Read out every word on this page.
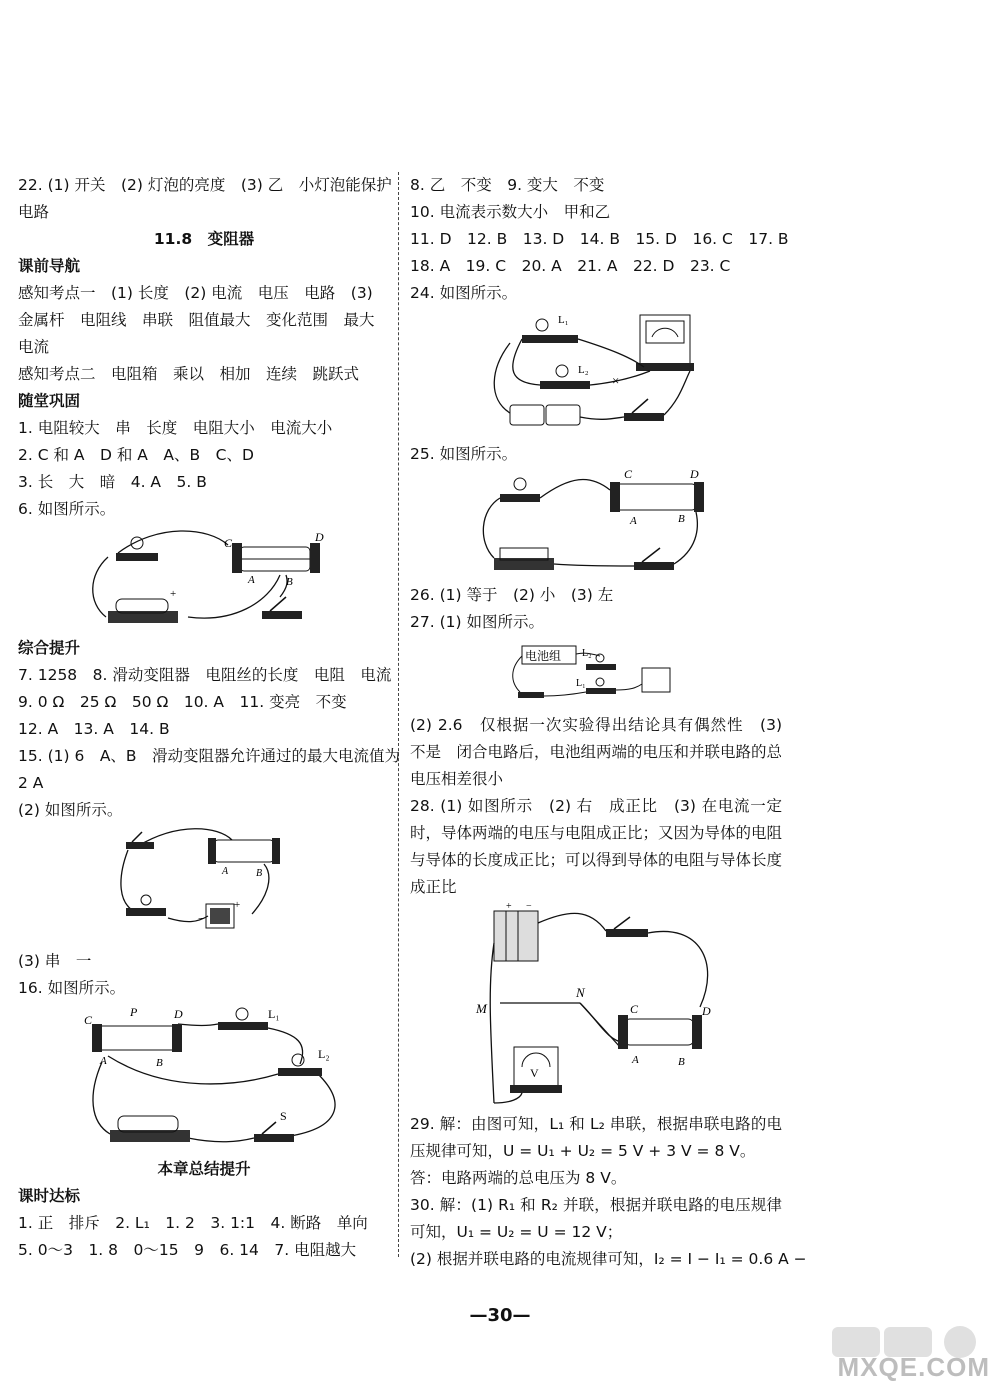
22. (1) 开关　(2) 灯泡的亮度　(3) 乙　小灯泡能保护

电路

11.8　变阻器

课前导航

感知考点一　(1) 长度　(2) 电流　电压　电路　(3)

金属杆　电阻线　串联　阻值最大　变化范围　最大

电流

感知考点二　电阻箱　乘以　相加　连续　跳跃式

随堂巩固

1. 电阻较大　串　长度　电阻大小　电流大小

2. C 和 A　D 和 A　A、B　C、D

3. 长　大　暗　4. A　5. B

6. 如图所示。

C	D
A	B
+

综合提升

7. 1258　8. 滑动变阻器　电阻丝的长度　电阻　电流

9. 0 Ω　25 Ω　50 Ω　10. A　11. 变亮　不变

12. A　13. A　14. B

15. (1) 6　A、B　滑动变阻器允许通过的最大电流值为

2 A

(2) 如图所示。

A	B
+
−

(3) 串　一

16. 如图所示。

C
P	D
A	B
L₁
L₂
S

本章总结提升

课时达标

1. 正　排斥　2. L₁　1. 2　3. 1:1　4. 断路　单向

5. 0～3　1. 8　0～15　9　6. 14　7. 电阻越大

8. 乙　不变　9. 变大　不变

10. 电流表示数大小　甲和乙

11. D　12. B　13. D　14. B　15. D　16. C　17. B

18. A　19. C　20. A　21. A　22. D　23. C

24. 如图所示。

L₁
L₂
×

25. 如图所示。

C	D
A	B

26. (1) 等于　(2) 小　(3) 左

27. (1) 如图所示。

电池组 L₂
L₁

(2) 2.6　仅根据一次实验得出结论具有偶然性　(3) 不是　闭合电路后，电池组两端的电压和并联电路的总电压相差很小

28. (1) 如图所示　(2) 右　成正比　(3) 在电流一定时，导体两端的电压与电阻成正比；又因为导体的电阻与导体的长度成正比；可以得到导体的电阻与导体长度成正比

+ −
M
N
C	D
A	B
V

29. 解：由图可知，L₁ 和 L₂ 串联，根据串联电路的电压规律可知，U = U₁ + U₂ = 5 V + 3 V = 8 V。

答：电路两端的总电压为 8 V。

30. 解：(1) R₁ 和 R₂ 并联，根据并联电路的电压规律可知，U₁ = U₂ = U = 12 V；

(2) 根据并联电路的电流规律可知，I₂ = I − I₁ = 0.6 A −

—30—
MXQE.COM
